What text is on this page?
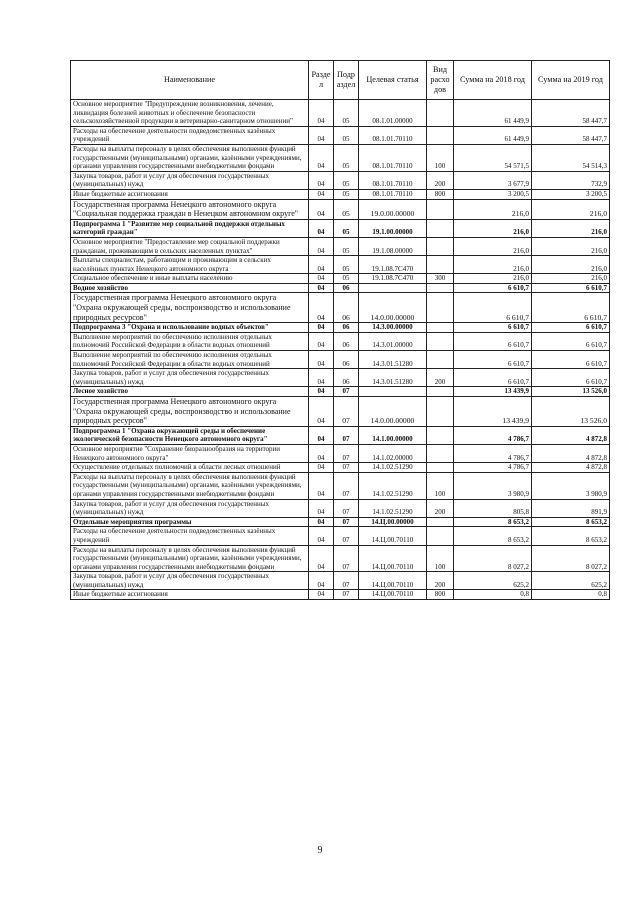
Наименование	Разде л	Подр аздел	Целевая статья	Вид расхо дов	Сумма на 2018 год	Сумма на 2019 год
Основное мероприятие "Предупреждение возникновения, лечение, ликвидация болезней животных и обеспечение безопасности сельскохозяйственной продукции в ветеринарно-санитарном отношении"	04	05	08.1.01.00000		61 449,9	58 447,7
Расходы на обеспечение деятельности подведомственных казённых учреждений	04	05	08.1.01.70110		61 449,9	58 447,7
Расходы на выплаты персоналу в целях обеспечения выполнения функций государственными (муниципальными) органами, казёнными учреждениями, органами управления государственными внебюджетными фондами	04	05	08.1.01.70110	100	54 571,5	54 514,3
Закупка товаров, работ и услуг для обеспечения государственных (муниципальных) нужд	04	05	08.1.01.70110	200	3 677,9	732,9
Иные бюджетные ассигнования	04	05	08.1.01.70110	800	3 200,5	3 200,5
Государственная программа Ненецкого автономного округа "Социальная поддержка граждан в Ненецком автономном округе"	04	05	19.0.00.00000		216,0	216,0
Подпрограмма 1 "Развитие мер социальной поддержки отдельных категорий граждан"	04	05	19.1.00.00000		216,0	216,0
Основное мероприятие "Предоставление мер социальной поддержки гражданам, проживающим в сельских населенных пунктах"	04	05	19.1.08.00000		216,0	216,0
Выплаты специалистам, работающим и проживающим в сельских населённых пунктах Ненецкого автономного округа	04	05	19.1.08.7С470		216,0	216,0
Социальное обеспечение и иные выплаты населению	04	05	19.1.08.7С470	300	216,0	216,0
Водное хозяйство	04	06			6 610,7	6 610,7
Государственная программа Ненецкого автономного округа "Охрана окружающей среды, воспроизводство и использование природных ресурсов"	04	06	14.0.00.00000		6 610,7	6 610,7
Подпрограмма 3 "Охрана и использование водных объектов"	04	06	14.3.00.00000		6 610,7	6 610,7
Выполнение мероприятий по обеспечению исполнения отдельных полномочий Российской Федерации в области водных отношений	04	06	14.3.01.00000		6 610,7	6 610,7
Выполнение мероприятий по обеспечению исполнения отдельных полномочий Российской Федерации в области водных отношений	04	06	14.3.01.51280		6 610,7	6 610,7
Закупка товаров, работ и услуг для обеспечения государственных (муниципальных) нужд	04	06	14.3.01.51280	200	6 610,7	6 610,7
Лесное хозяйство	04	07			13 439,9	13 526,0
Государственная программа Ненецкого автономного округа "Охрана окружающей среды, воспроизводство и использование природных ресурсов"	04	07	14.0.00.00000		13 439,9	13 526,0
Подпрограмма 1 "Охрана окружающей среды и обеспечение экологической безопасности Ненецкого автономного округа"	04	07	14.1.00.00000		4 786,7	4 872,8
Основное мероприятие "Сохранение биоразнообразия на территории Ненецкого автономного округа"	04	07	14.1.02.00000		4 786,7	4 872,8
Осуществление отдельных полномочий в области лесных отношений	04	07	14.1.02.51290		4 786,7	4 872,8
Расходы на выплаты персоналу в целях обеспечения выполнения функций государственными (муниципальными) органами, казёнными учреждениями, органами управления государственными внебюджетными фондами	04	07	14.1.02.51290	100	3 980,9	3 980,9
Закупка товаров, работ и услуг для обеспечения государственных (муниципальных) нужд	04	07	14.1.02.51290	200	805,8	891,9
Отдельные мероприятия программы	04	07	14.Ц.00.00000		8 653,2	8 653,2
Расходы на обеспечение деятельности подведомственных казённых учреждений	04	07	14.Ц.00.70110		8 653,2	8 653,2
Расходы на выплаты персоналу в целях обеспечения выполнения функций государственными (муниципальными) органами, казёнными учреждениями, органами управления государственными внебюджетными фондами	04	07	14.Ц.00.70110	100	8 027,2	8 027,2
Закупка товаров, работ и услуг для обеспечения государственных (муниципальных) нужд	04	07	14.Ц.00.70110	200	625,2	625,2
Иные бюджетные ассигнования	04	07	14.Ц.00.70110	800	0,8	0,8
9
